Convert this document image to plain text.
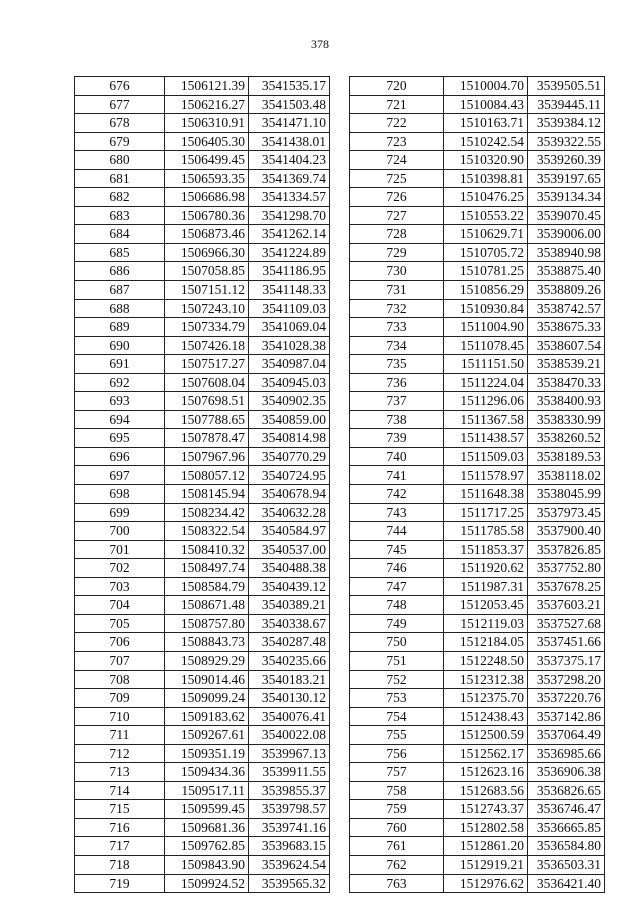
378
676	1506121.39	3541535.17
677	1506216.27	3541503.48
678	1506310.91	3541471.10
679	1506405.30	3541438.01
680	1506499.45	3541404.23
681	1506593.35	3541369.74
682	1506686.98	3541334.57
683	1506780.36	3541298.70
684	1506873.46	3541262.14
685	1506966.30	3541224.89
686	1507058.85	3541186.95
687	1507151.12	3541148.33
688	1507243.10	3541109.03
689	1507334.79	3541069.04
690	1507426.18	3541028.38
691	1507517.27	3540987.04
692	1507608.04	3540945.03
693	1507698.51	3540902.35
694	1507788.65	3540859.00
695	1507878.47	3540814.98
696	1507967.96	3540770.29
697	1508057.12	3540724.95
698	1508145.94	3540678.94
699	1508234.42	3540632.28
700	1508322.54	3540584.97
701	1508410.32	3540537.00
702	1508497.74	3540488.38
703	1508584.79	3540439.12
704	1508671.48	3540389.21
705	1508757.80	3540338.67
706	1508843.73	3540287.48
707	1508929.29	3540235.66
708	1509014.46	3540183.21
709	1509099.24	3540130.12
710	1509183.62	3540076.41
711	1509267.61	3540022.08
712	1509351.19	3539967.13
713	1509434.36	3539911.55
714	1509517.11	3539855.37
715	1509599.45	3539798.57
716	1509681.36	3539741.16
717	1509762.85	3539683.15
718	1509843.90	3539624.54
719	1509924.52	3539565.32
720	1510004.70	3539505.51
721	1510084.43	3539445.11
722	1510163.71	3539384.12
723	1510242.54	3539322.55
724	1510320.90	3539260.39
725	1510398.81	3539197.65
726	1510476.25	3539134.34
727	1510553.22	3539070.45
728	1510629.71	3539006.00
729	1510705.72	3538940.98
730	1510781.25	3538875.40
731	1510856.29	3538809.26
732	1510930.84	3538742.57
733	1511004.90	3538675.33
734	1511078.45	3538607.54
735	1511151.50	3538539.21
736	1511224.04	3538470.33
737	1511296.06	3538400.93
738	1511367.58	3538330.99
739	1511438.57	3538260.52
740	1511509.03	3538189.53
741	1511578.97	3538118.02
742	1511648.38	3538045.99
743	1511717.25	3537973.45
744	1511785.58	3537900.40
745	1511853.37	3537826.85
746	1511920.62	3537752.80
747	1511987.31	3537678.25
748	1512053.45	3537603.21
749	1512119.03	3537527.68
750	1512184.05	3537451.66
751	1512248.50	3537375.17
752	1512312.38	3537298.20
753	1512375.70	3537220.76
754	1512438.43	3537142.86
755	1512500.59	3537064.49
756	1512562.17	3536985.66
757	1512623.16	3536906.38
758	1512683.56	3536826.65
759	1512743.37	3536746.47
760	1512802.58	3536665.85
761	1512861.20	3536584.80
762	1512919.21	3536503.31
763	1512976.62	3536421.40
